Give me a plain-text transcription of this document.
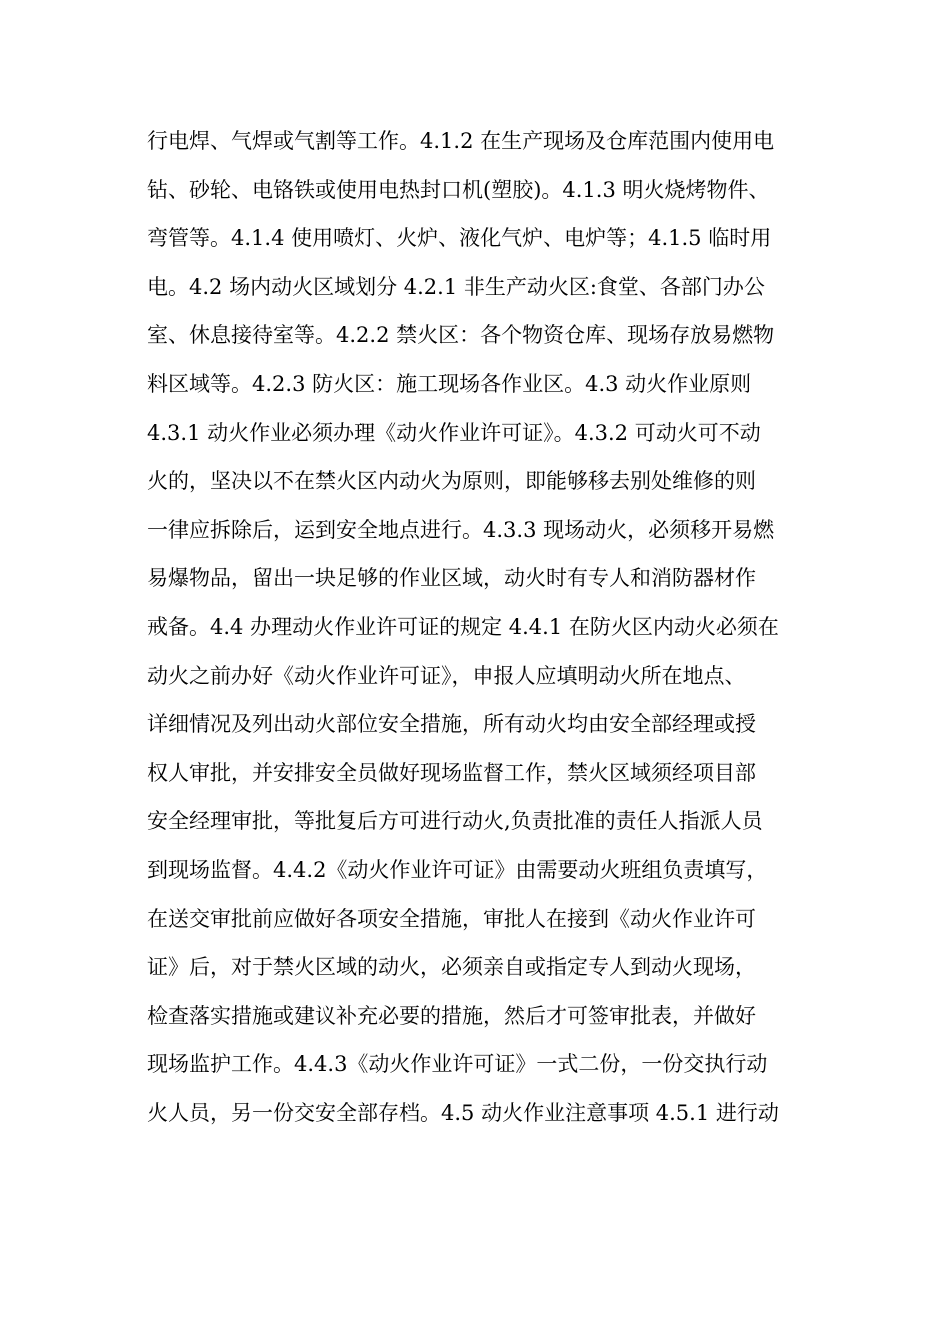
行电焊、气焊或气割等工作。4.1.2 在生产现场及仓库范围内使用电
钻、砂轮、电铬铁或使用电热封口机(塑胶)。4.1.3 明火烧烤物件、
弯管等。4.1.4 使用喷灯、火炉、液化气炉、电炉等；4.1.5 临时用
电。4.2 场内动火区域划分 4.2.1 非生产动火区:食堂、各部门办公
室、休息接待室等。4.2.2 禁火区：各个物资仓库、现场存放易燃物
料区域等。4.2.3 防火区：施工现场各作业区。4.3 动火作业原则
4.3.1 动火作业必须办理《动火作业许可证》。4.3.2 可动火可不动
火的，坚决以不在禁火区内动火为原则，即能够移去别处维修的则
一律应拆除后，运到安全地点进行。4.3.3 现场动火，必须移开易燃
易爆物品，留出一块足够的作业区域，动火时有专人和消防器材作
戒备。4.4 办理动火作业许可证的规定 4.4.1 在防火区内动火必须在
动火之前办好《动火作业许可证》，申报人应填明动火所在地点、
详细情况及列出动火部位安全措施，所有动火均由安全部经理或授
权人审批，并安排安全员做好现场监督工作，禁火区域须经项目部
安全经理审批，等批复后方可进行动火,负责批准的责任人指派人员
到现场监督。4.4.2《动火作业许可证》由需要动火班组负责填写，
在送交审批前应做好各项安全措施，审批人在接到《动火作业许可
证》后，对于禁火区域的动火，必须亲自或指定专人到动火现场，
检查落实措施或建议补充必要的措施，然后才可签审批表，并做好
现场监护工作。4.4.3《动火作业许可证》一式二份，一份交执行动
火人员，另一份交安全部存档。4.5 动火作业注意事项 4.5.1 进行动
